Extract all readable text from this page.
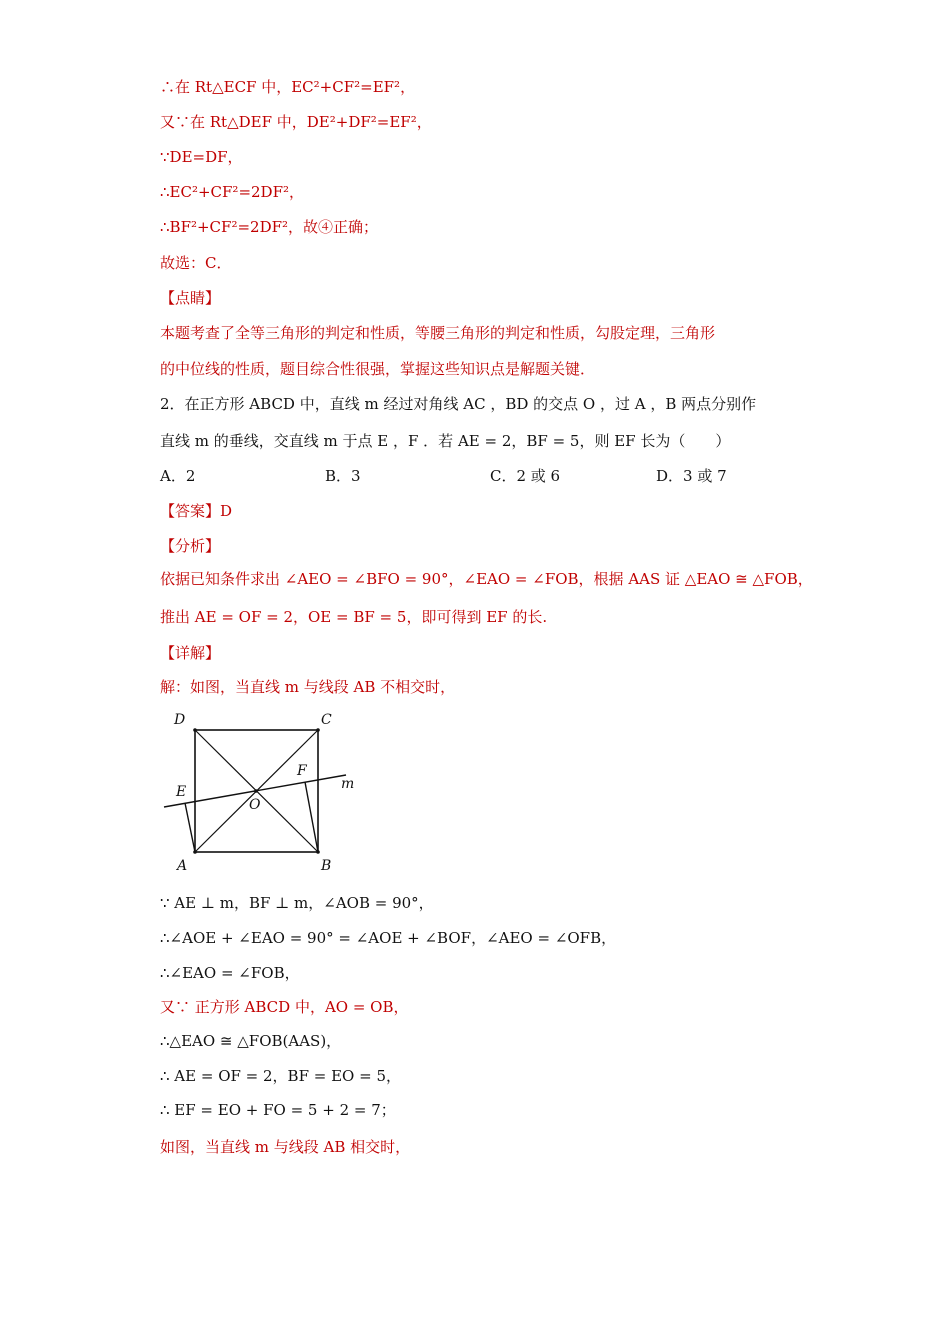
∴在 Rt△ECF 中，EC²+CF²=EF²，
又∵在 Rt△DEF 中，DE²+DF²=EF²，
∵DE=DF，
∴EC²+CF²=2DF²，
∴BF²+CF²=2DF²，故④正确；
故选：C．
【点睛】
本题考查了全等三角形的判定和性质，等腰三角形的判定和性质，勾股定理，三角形
的中位线的性质，题目综合性很强，掌握这些知识点是解题关键．
2．在正方形 ABCD 中，直线 m 经过对角线 AC ，BD 的交点 O ，过 A ，B 两点分别作
直线 m 的垂线，交直线 m 于点 E ，F ．若 AE = 2，BF = 5，则 EF 长为（　　）
A．2	B．3	C．2 或 6	D．3 或 7
【答案】D
【分析】
依据已知条件求出 ∠AEO = ∠BFO = 90°，∠EAO = ∠FOB，根据 AAS 证 △EAO ≅ △FOB，
推出 AE = OF = 2，OE = BF = 5，即可得到 EF 的长.
【详解】
解：如图，当直线 m 与线段 AB 不相交时，
D	C
E
F
O
m
A	B
∵ AE ⊥ m，BF ⊥ m，∠AOB = 90°，
∴∠AOE + ∠EAO = 90° = ∠AOE + ∠BOF，∠AEO = ∠OFB，
∴∠EAO = ∠FOB，
又∵ 正方形 ABCD 中，AO = OB，
∴△EAO ≅ △FOB(AAS)，
∴ AE = OF = 2，BF = EO = 5，
∴ EF = EO + FO = 5 + 2 = 7；
如图，当直线 m 与线段 AB 相交时，
